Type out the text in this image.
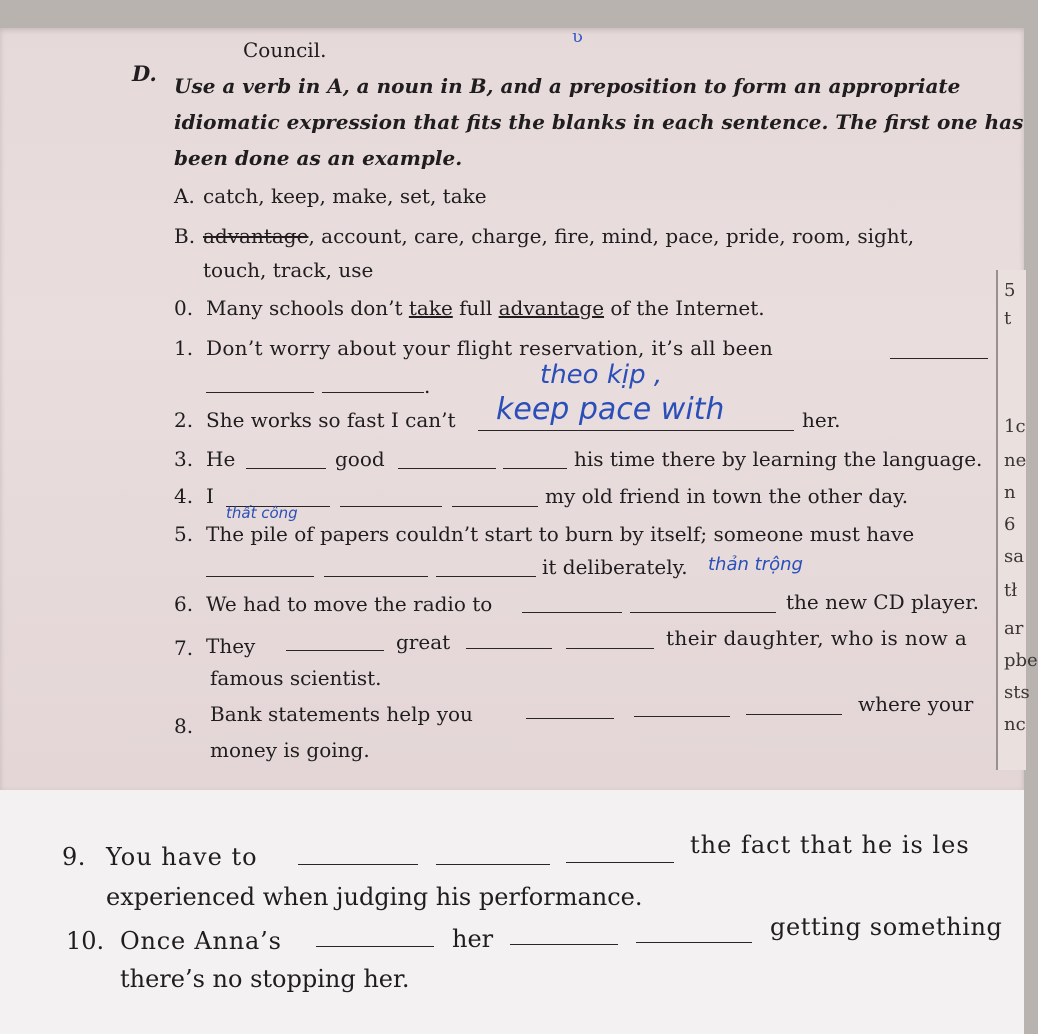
5
t
1c
ne
n
6
sa
tł
ar
pbe
sts
nc
Council.
ʋ
D. Use a verb in A, a noun in B, and a preposition to form an appropriate
idiomatic expression that fits the blanks in each sentence. The first one has
been done as an example.
A. catch, keep, make, set, take
B. advantage, account, care, charge, fire, mind, pace, pride, room, sight,
touch, track, use
0. Many schools don’t take full advantage of the Internet.
1. Don’t worry about your flight reservation, it’s all been
.	theo kịp ,
2. She works so fast I can’t keep pace with	her.
3. He	good	his time there by learning the language.
4. I	my old friend in town the other day.
thất công
5. The pile of papers couldn’t start to burn by itself; someone must have
it deliberately. thản trộng
6. We had to move the radio to	the new CD player.
7. They	great	their daughter, who is now a
famous scientist.
8. Bank statements help you	where your
money is going.
9. You have to	the fact that he is les
experienced when judging his performance.
10. Once Anna’s	her	getting something
there’s no stopping her.
